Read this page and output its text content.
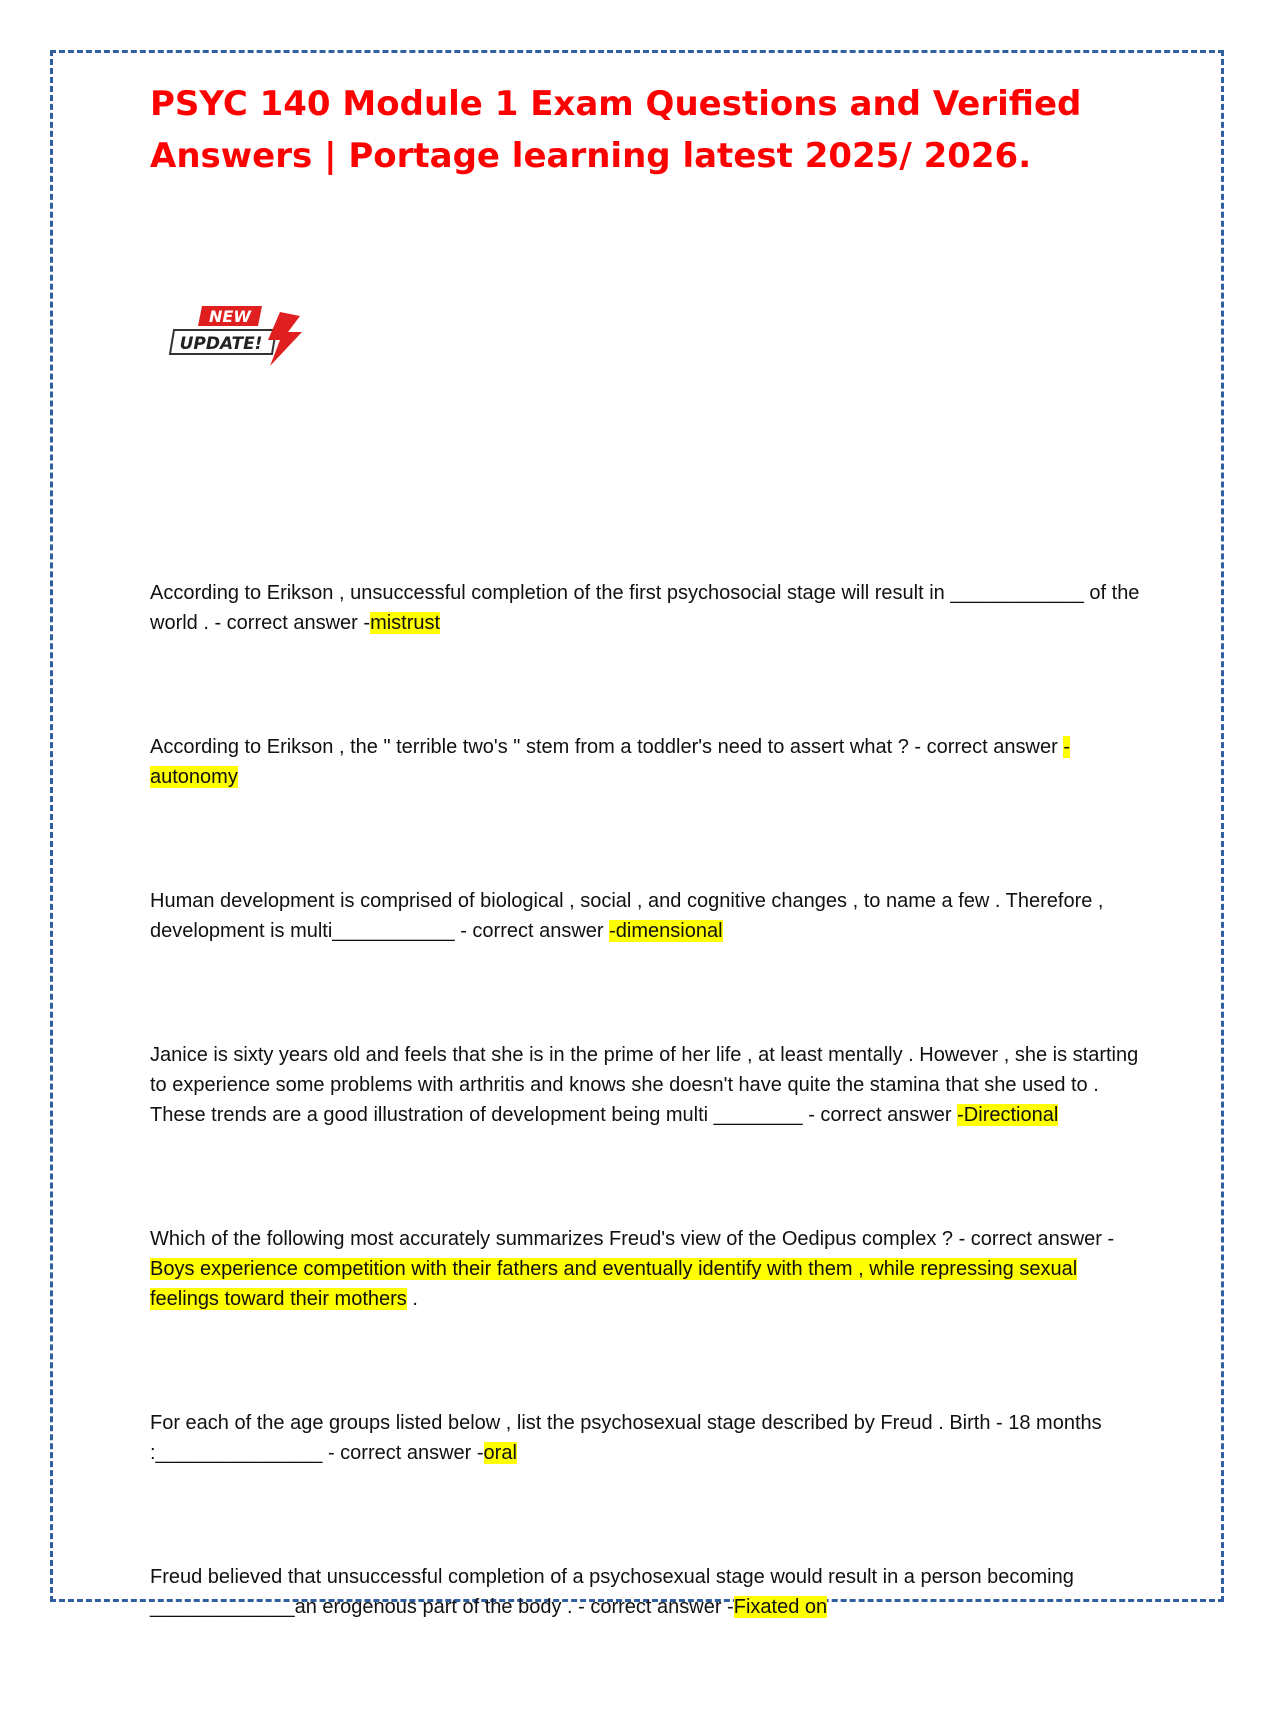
PSYC 140 Module 1 Exam Questions and Verified Answers | Portage learning latest 2025/ 2026.
NEW
UPDATE!

According to Erikson , unsuccessful completion of the first psychosocial stage will result in ____________ of the world . - correct answer -mistrust

According to Erikson , the " terrible two's " stem from a toddler's need to assert what ? - correct answer -autonomy

Human development is comprised of biological , social , and cognitive changes , to name a few . Therefore , development is multi___________ - correct answer -dimensional

Janice is sixty years old and feels that she is in the prime of her life , at least mentally . However , she is starting to experience some problems with arthritis and knows she doesn't have quite the stamina that she used to . These trends are a good illustration of development being multi ________ - correct answer -Directional

Which of the following most accurately summarizes Freud's view of the Oedipus complex ? - correct answer -Boys experience competition with their fathers and eventually identify with them , while repressing sexual feelings toward their mothers .

For each of the age groups listed below , list the psychosexual stage described by Freud . Birth - 18 months :_______________ - correct answer -oral

Freud believed that unsuccessful completion of a psychosexual stage would result in a person becoming _____________an erogenous part of the body . - correct answer -Fixated on
